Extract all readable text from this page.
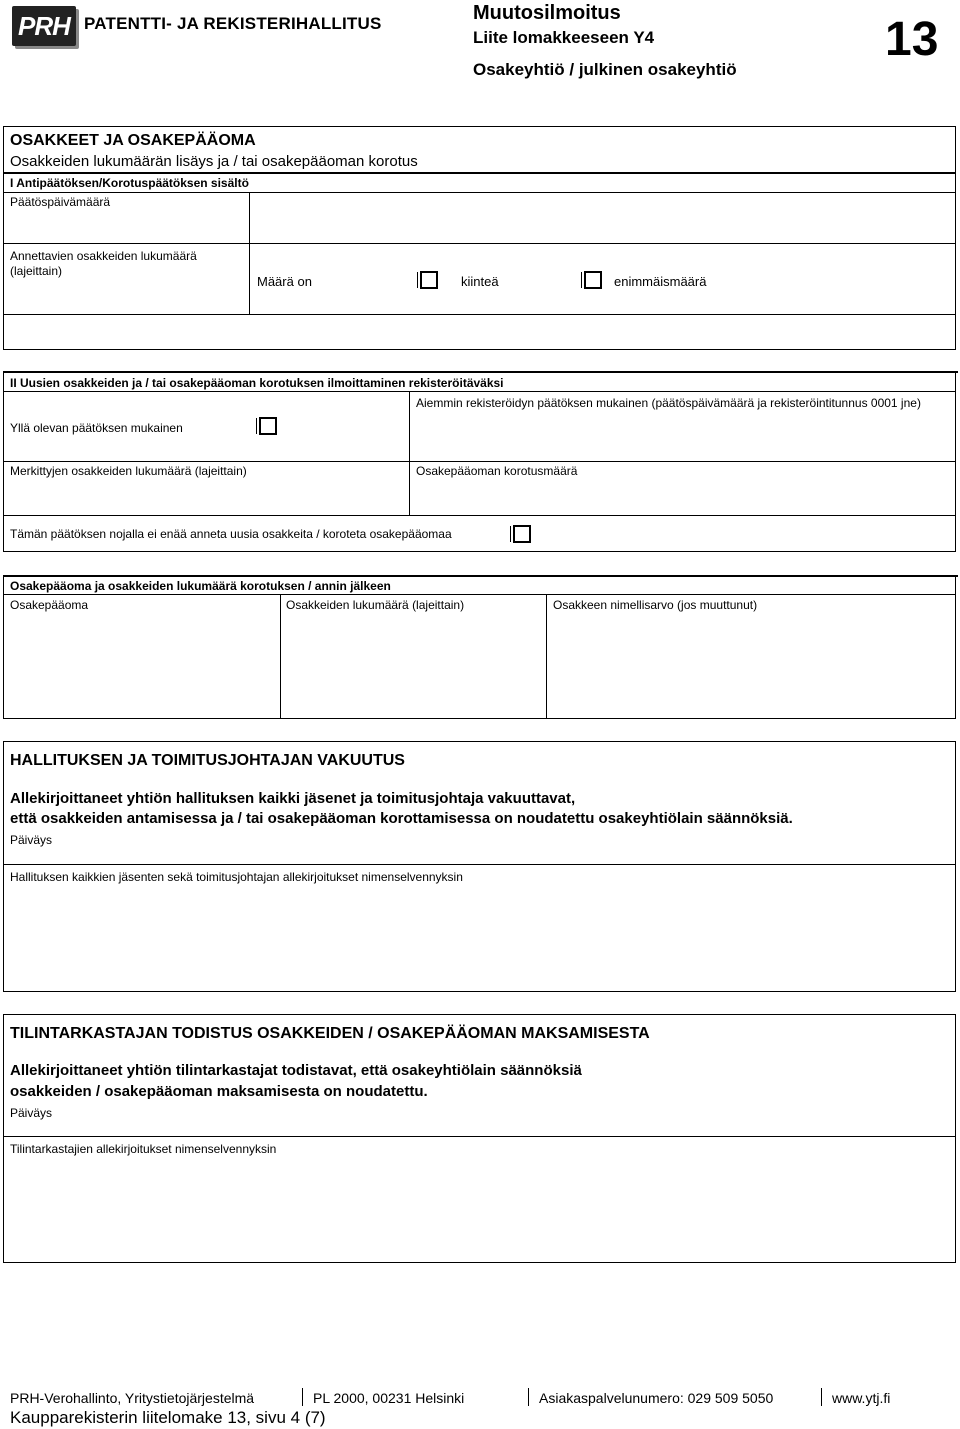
PRH PATENTTI- JA REKISTERIHALLITUS	Muutosilmoitus
Liite lomakkeeseen Y4
Osakeyhtiö / julkinen osakeyhtiö
13
OSAKKEET JA OSAKEPÄÄOMA
Osakkeiden lukumäärän lisäys ja / tai osakepääoman korotus
I Antipäätöksen/Korotuspäätöksen sisältö
Päätöspäivämäärä
Annettavien osakkeiden lukumäärä (lajeittain)
Määrä on	kiinteä	enimmäismäärä
II Uusien osakkeiden ja / tai osakepääoman korotuksen ilmoittaminen rekisteröitäväksi
Yllä olevan päätöksen mukainen
Aiemmin rekisteröidyn päätöksen mukainen (päätöspäivämäärä ja rekisteröintitunnus 0001 jne)
Merkittyjen osakkeiden lukumäärä (lajeittain)	Osakepääoman korotusmäärä
Tämän päätöksen nojalla ei enää anneta uusia osakkeita / koroteta osakepääomaa
Osakepääoma ja osakkeiden lukumäärä korotuksen / annin jälkeen
Osakepääoma	Osakkeiden lukumäärä (lajeittain)	Osakkeen nimellisarvo (jos muuttunut)
HALLITUKSEN JA TOIMITUSJOHTAJAN VAKUUTUS
Allekirjoittaneet yhtiön hallituksen kaikki jäsenet ja toimitusjohtaja vakuuttavat,
että osakkeiden antamisessa ja / tai osakepääoman korottamisessa on noudatettu osakeyhtiölain säännöksiä.
Päiväys
Hallituksen kaikkien jäsenten sekä toimitusjohtajan allekirjoitukset nimenselvennyksin
TILINTARKASTAJAN TODISTUS OSAKKEIDEN / OSAKEPÄÄOMAN MAKSAMISESTA
Allekirjoittaneet yhtiön tilintarkastajat todistavat, että osakeyhtiölain säännöksiä
osakkeiden / osakepääoman maksamisesta on noudatettu.
Päiväys
Tilintarkastajien allekirjoitukset nimenselvennyksin
PRH-Verohallinto, Yritystietojärjestelmä	PL 2000, 00231 Helsinki	Asiakaspalvelunumero: 029 509 5050	www.ytj.fi
Kaupparekisterin liitelomake 13, sivu 4 (7)
